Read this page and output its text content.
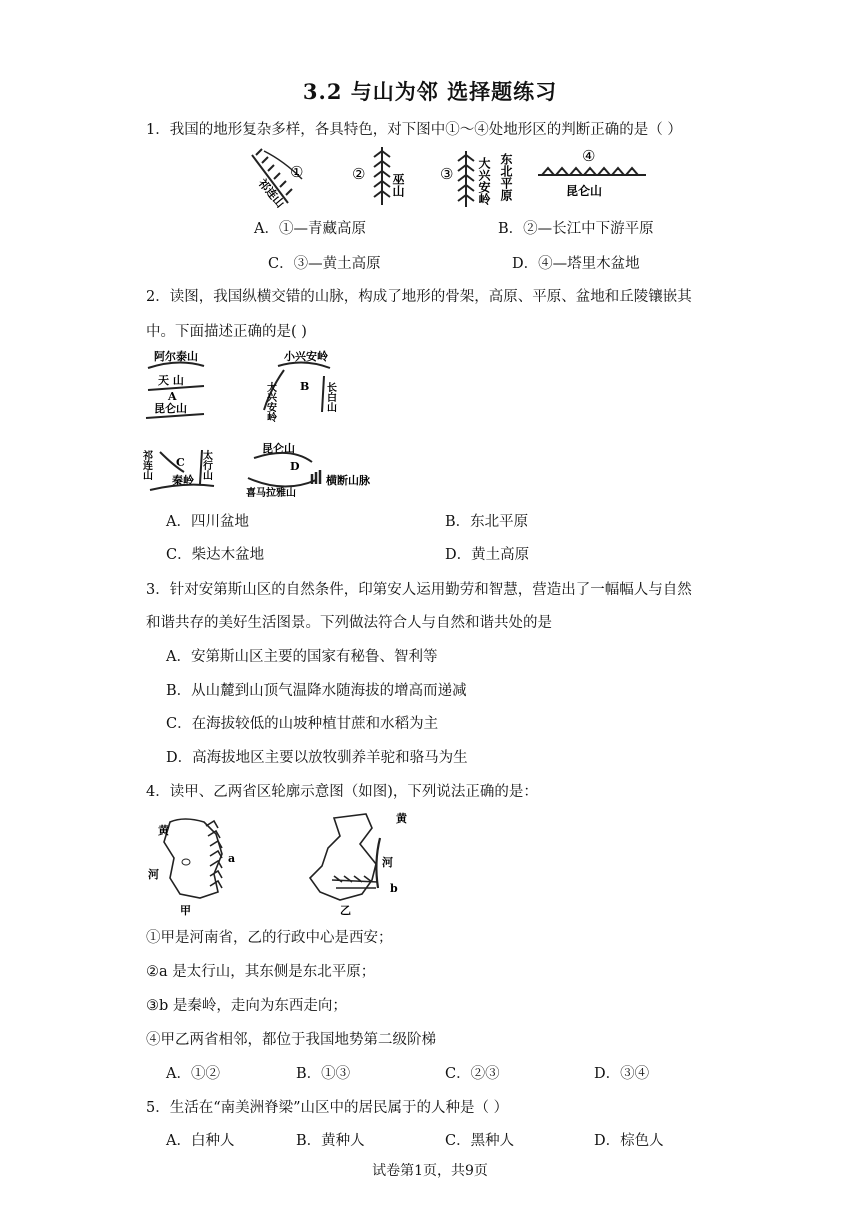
3.2 与山为邻 选择题练习
1．我国的地形复杂多样，各具特色，对下图中①～④处地形区的判断正确的是（ ）
祁连山
①	② 巫山 ③ 大兴安岭 东北平原	④
昆仑山
A．①—青藏高原	B．②—长江中下游平原
C．③—黄土高原	D．④—塔里木盆地
2．读图，我国纵横交错的山脉，构成了地形的骨架，高原、平原、盆地和丘陵镶嵌其
中。下面描述正确的是( )
阿尔泰山
天 山
A
昆仑山
小兴安岭
大兴安岭 B 长白山
祁连山 C
秦岭
太行山
昆仑山
D
喜马拉雅山
横断山脉
A．四川盆地	B．东北平原
C．柴达木盆地	D．黄土高原
3．针对安第斯山区的自然条件，印第安人运用勤劳和智慧，营造出了一幅幅人与自然
和谐共存的美好生活图景。下列做法符合人与自然和谐共处的是
A．安第斯山区主要的国家有秘鲁、智利等
B．从山麓到山顶气温降水随海拔的增高而递减
C．在海拔较低的山坡种植甘蔗和水稻为主
D．高海拔地区主要以放牧驯养羊驼和骆马为生
4．读甲、乙两省区轮廓示意图（如图)，下列说法正确的是：
黄
河
a
甲
黄
河
b
乙
①甲是河南省，乙的行政中心是西安；
②a 是太行山，其东侧是东北平原；
③b 是秦岭，走向为东西走向；
④甲乙两省相邻，都位于我国地势第二级阶梯
A．①②	B．①③	C．②③	D．③④
5．生活在“南美洲脊梁”山区中的居民属于的人种是（ ）
A．白种人	B．黄种人	C．黑种人	D．棕色人
试卷第1页，共9页
